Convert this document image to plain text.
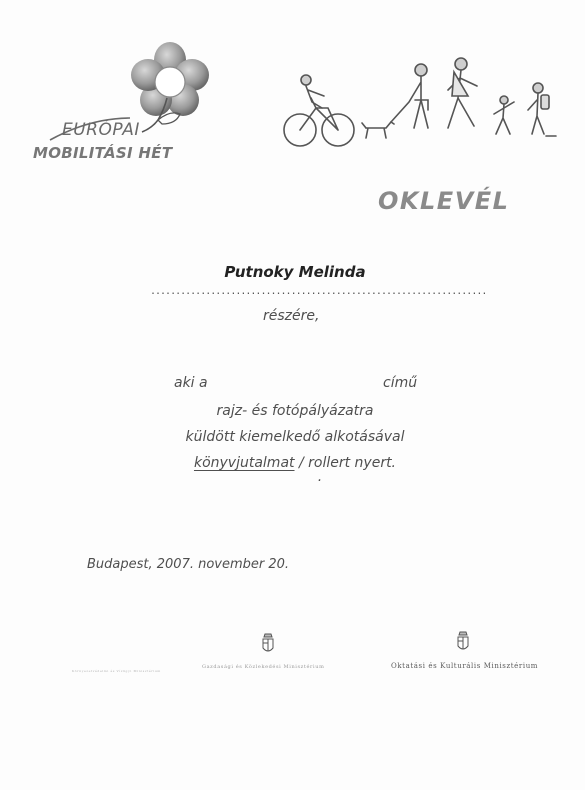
EURÓPAI
MOBILITÁSI HÉT
OKLEVÉL
Putnoky Melinda
...................................................................
részére,
aki a	című
rajz- és fotópályázatra
küldött kiemelkedő alkotásával
könyvjutalmat / rollert nyert.
·
Budapest, 2007. november 20.
Gazdasági és Közlekedési Minisztérium	Oktatási és Kulturális Minisztérium
Környezetvédelmi és Vízügyi Minisztérium
